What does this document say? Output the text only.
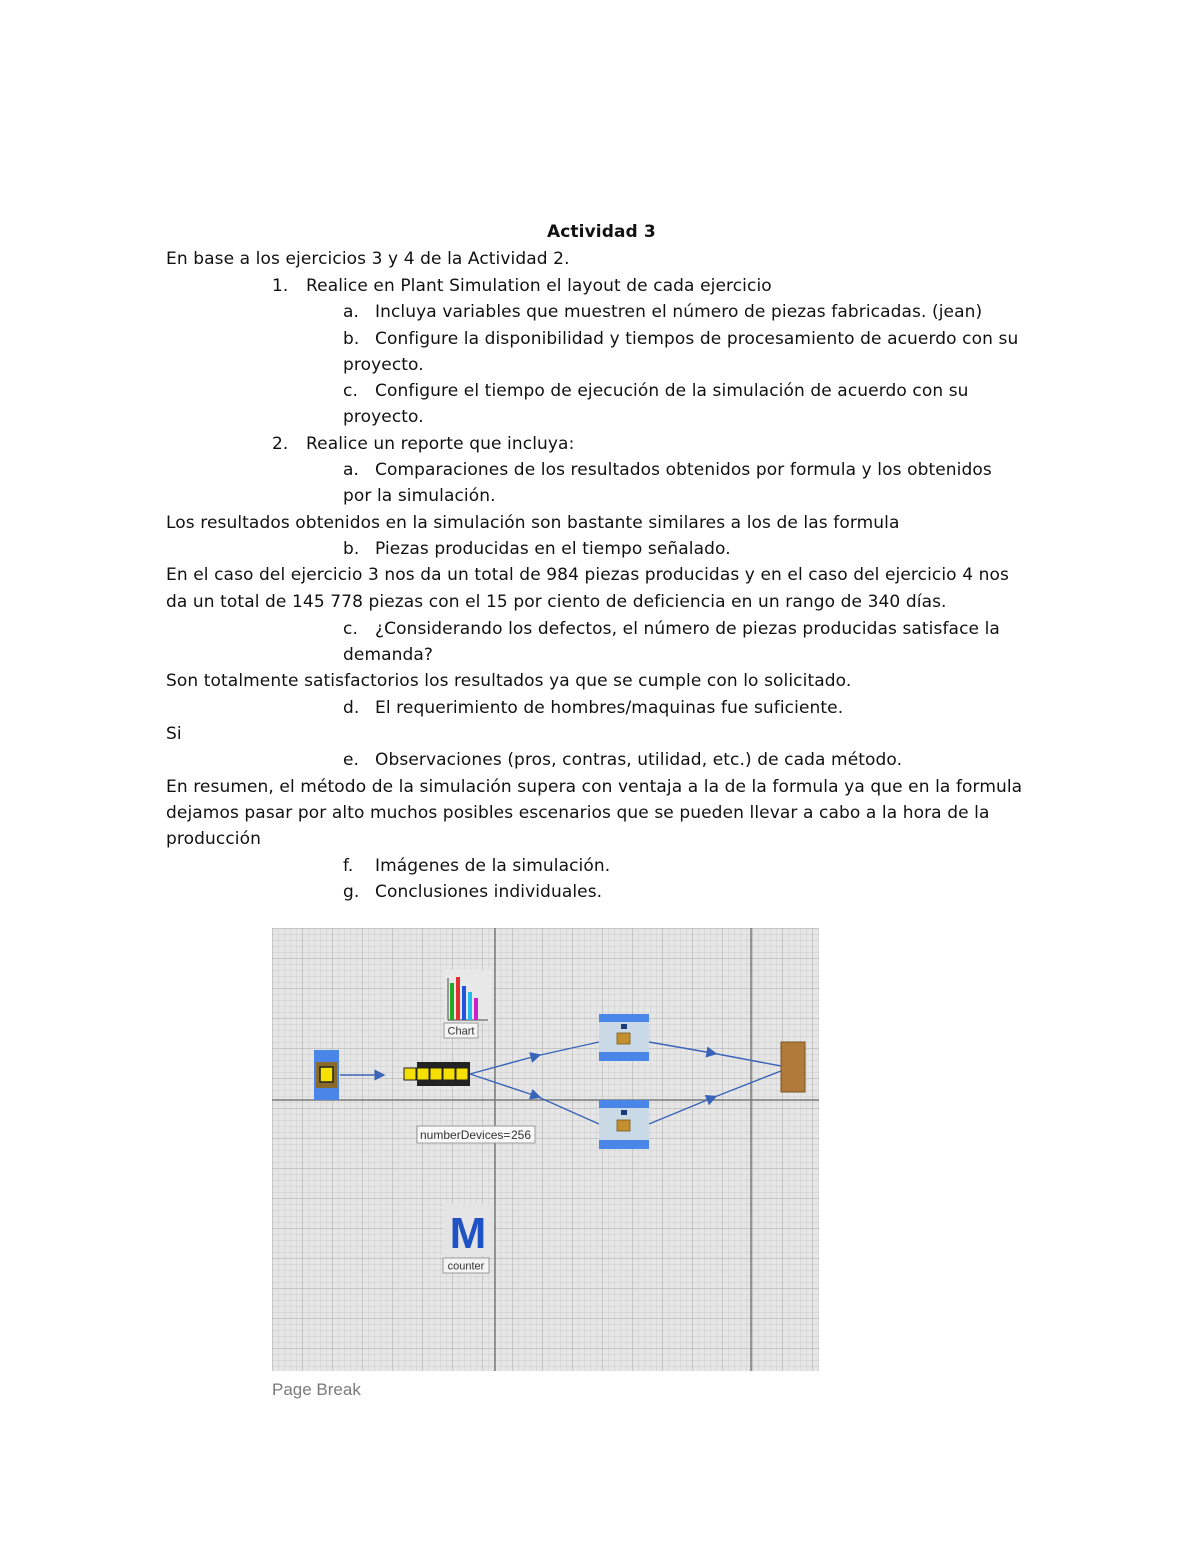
Actividad 3
En base a los ejercicios 3 y 4 de la Actividad 2.
1. Realice en Plant Simulation el layout de cada ejercicio
a. Incluya variables que muestren el número de piezas fabricadas. (jean)
b. Configure la disponibilidad y tiempos de procesamiento de acuerdo con su
proyecto.
c. Configure el tiempo de ejecución de la simulación de acuerdo con su
proyecto.
2. Realice un reporte que incluya:
a. Comparaciones de los resultados obtenidos por formula y los obtenidos
por la simulación.
Los resultados obtenidos en la simulación son bastante similares a los de las formula
b. Piezas producidas en el tiempo señalado.
En el caso del ejercicio 3 nos da un total de 984 piezas producidas y en el caso del ejercicio 4 nos
da un total de 145 778 piezas con el 15 por ciento de deficiencia en un rango de 340 días.
c. ¿Considerando los defectos, el número de piezas producidas satisface la
demanda?
Son totalmente satisfactorios los resultados ya que se cumple con lo solicitado.
d. El requerimiento de hombres/maquinas fue suficiente.
Si
e. Observaciones (pros, contras, utilidad, etc.) de cada método.
En resumen, el método de la simulación supera con ventaja a la de la formula ya que en la formula
dejamos pasar por alto muchos posibles escenarios que se pueden llevar a cabo a la hora de la
producción
f. Imágenes de la simulación.
g. Conclusiones individuales.
Chart
numberDevices= 256
M
counter
Page Break
